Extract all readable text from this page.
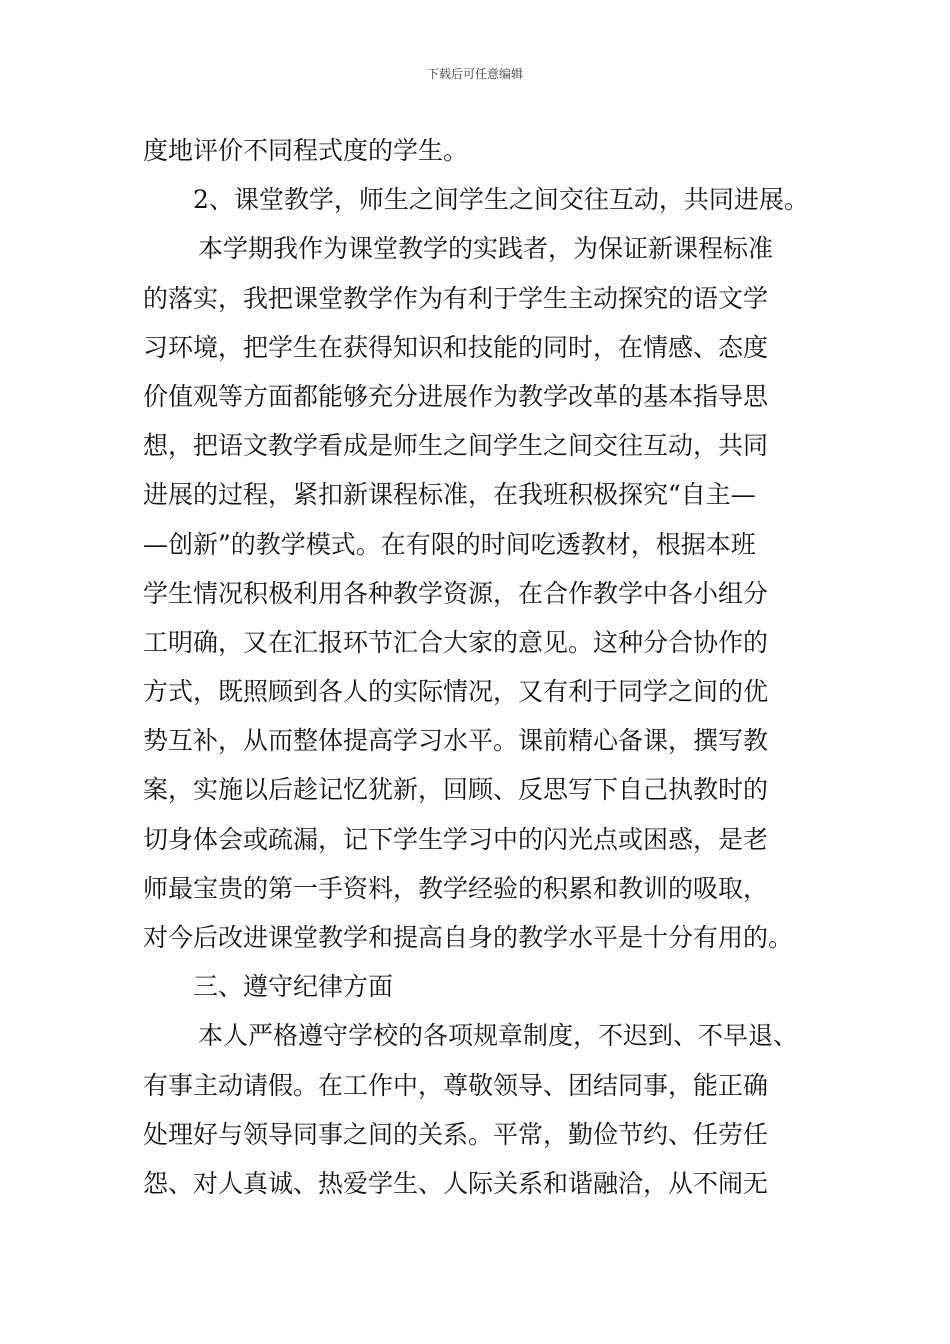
下载后可任意编辑
度地评价不同程式度的学生。
2、课堂教学，师生之间学生之间交往互动，共同进展。
本学期我作为课堂教学的实践者，为保证新课程标准
的落实，我把课堂教学作为有利于学生主动探究的语文学
习环境，把学生在获得知识和技能的同时，在情感、态度
价值观等方面都能够充分进展作为教学改革的基本指导思
想，把语文教学看成是师生之间学生之间交往互动，共同
进展的过程，紧扣新课程标准，在我班积极探究“自主—
—创新”的教学模式。在有限的时间吃透教材，根据本班
学生情况积极利用各种教学资源，在合作教学中各小组分
工明确，又在汇报环节汇合大家的意见。这种分合协作的
方式，既照顾到各人的实际情况，又有利于同学之间的优
势互补，从而整体提高学习水平。课前精心备课，撰写教
案，实施以后趁记忆犹新，回顾、反思写下自己执教时的
切身体会或疏漏，记下学生学习中的闪光点或困惑，是老
师最宝贵的第一手资料，教学经验的积累和教训的吸取，
对今后改进课堂教学和提高自身的教学水平是十分有用的。
三、遵守纪律方面
本人严格遵守学校的各项规章制度，不迟到、不早退、
有事主动请假。在工作中，尊敬领导、团结同事，能正确
处理好与领导同事之间的关系。平常，勤俭节约、任劳任
怨、对人真诚、热爱学生、人际关系和谐融洽，从不闹无
